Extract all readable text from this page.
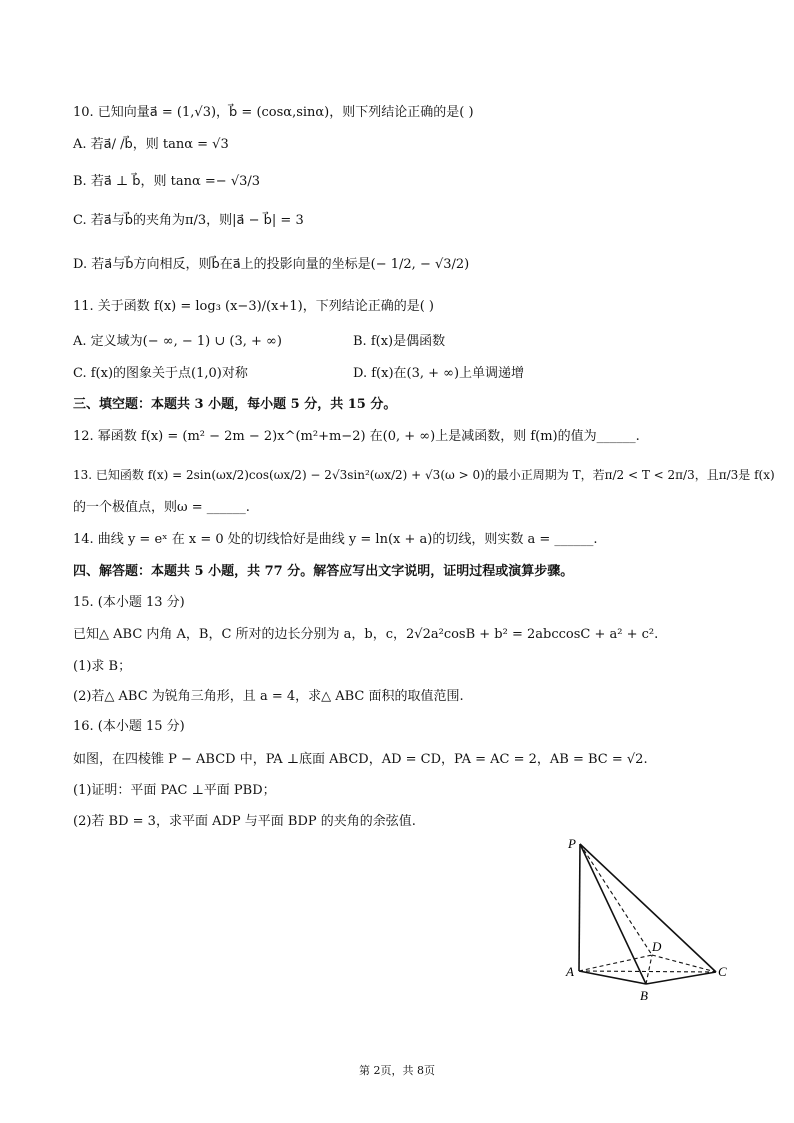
10. 已知向量a⃗ = (1,√3)，b⃗ = (cosα,sinα)，则下列结论正确的是( )
A. 若a⃗/ /b⃗，则 tanα = √3
B. 若a⃗ ⊥ b⃗，则 tanα =− √3/3
C. 若a⃗与b⃗的夹角为π/3，则|a⃗ − b⃗| = 3
D. 若a⃗与b⃗方向相反，则b⃗在a⃗上的投影向量的坐标是(− 1/2, − √3/2)
11. 关于函数 f(x) = log₃ (x−3)/(x+1)，下列结论正确的是( )
A. 定义域为(− ∞, − 1) ∪ (3, + ∞)	B. f(x)是偶函数
C. f(x)的图象关于点(1,0)对称	D. f(x)在(3, + ∞)上单调递增
三、填空题：本题共 3 小题，每小题 5 分，共 15 分。
12. 幂函数 f(x) = (m² − 2m − 2)x^(m²+m−2) 在(0, + ∞)上是减函数，则 f(m)的值为______.
13. 已知函数 f(x) = 2sin(ωx/2)cos(ωx/2) − 2√3sin²(ωx/2) + √3(ω > 0)的最小正周期为 T，若π/2 < T < 2π/3，且π/3是 f(x)
的一个极值点，则ω = ______.
14. 曲线 y = eˣ 在 x = 0 处的切线恰好是曲线 y = ln(x + a)的切线，则实数 a = ______.
四、解答题：本题共 5 小题，共 77 分。解答应写出文字说明，证明过程或演算步骤。
15. (本小题 13 分)
已知△ ABC 内角 A，B，C 所对的边长分别为 a，b，c，2√2a²cosB + b² = 2abccosC + a² + c².
(1)求 B；
(2)若△ ABC 为锐角三角形，且 a = 4，求△ ABC 面积的取值范围.
16. (本小题 15 分)
如图，在四棱锥 P − ABCD 中，PA ⊥底面 ABCD，AD = CD，PA = AC = 2，AB = BC = √2.
(1)证明：平面 PAC ⊥平面 PBD；
(2)若 BD = 3，求平面 ADP 与平面 BDP 的夹角的余弦值.
P
A
B
C
D
第 2页，共 8页
